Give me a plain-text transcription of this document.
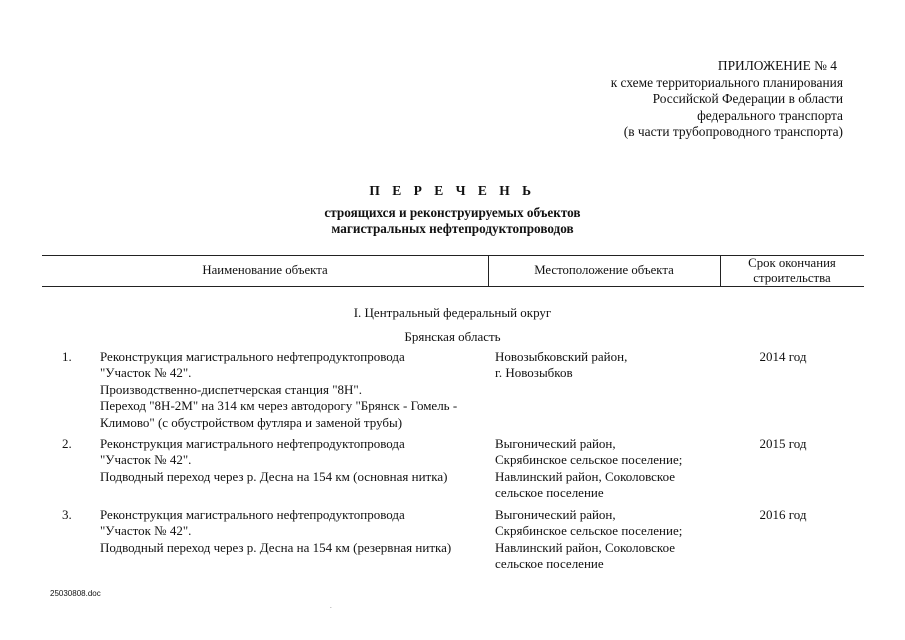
ПРИЛОЖЕНИЕ № 4
к схеме территориального планирования
Российской Федерации в области
федерального транспорта
(в части трубопроводного транспорта)
П Е Р Е Ч Е Н Ь
строящихся и реконструируемых объектов
магистральных нефтепродуктопроводов
Наименование объекта	Местоположение объекта	Срок окончания
строительства
I. Центральный федеральный округ
Брянская область
1. Реконструкция магистрального нефтепродуктопровода
"Участок № 42".
Производственно-диспетчерская станция "8Н".
Переход "8Н-2М" на 314 км через автодорогу "Брянск - Гомель -
Климово" (с обустройством футляра и заменой трубы)
Новозыбковский район,
г. Новозыбков
2014 год
2. Реконструкция магистрального нефтепродуктопровода
"Участок № 42".
Подводный переход через р. Десна на 154 км (основная нитка)
Выгонический район,
Скрябинское сельское поселение;
Навлинский район, Соколовское
сельское поселение
2015 год
3. Реконструкция магистрального нефтепродуктопровода
"Участок № 42".
Подводный переход через р. Десна на 154 км (резервная нитка)
Выгонический район,
Скрябинское сельское поселение;
Навлинский район, Соколовское
сельское поселение
2016 год
25030808.doc
.
